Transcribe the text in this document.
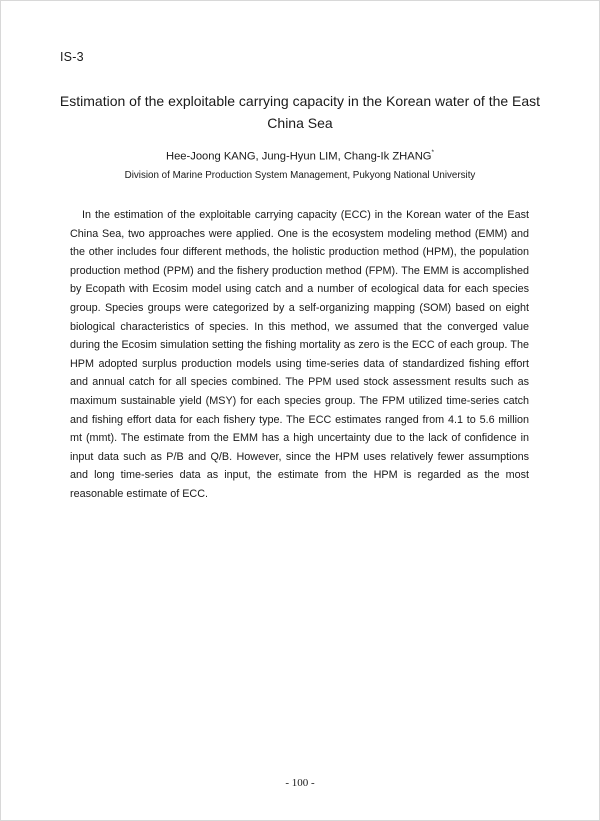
IS-3
Estimation of the exploitable carrying capacity in the Korean water of the East China Sea
Hee-Joong KANG, Jung-Hyun LIM, Chang-Ik ZHANG*
Division of Marine Production System Management, Pukyong National University

In the estimation of the exploitable carrying capacity (ECC) in the Korean water of the East China Sea, two approaches were applied. One is the ecosystem modeling method (EMM) and the other includes four different methods, the holistic production method (HPM), the population production method (PPM) and the fishery production method (FPM). The EMM is accomplished by Ecopath with Ecosim model using catch and a number of ecological data for each species group. Species groups were categorized by a self-organizing mapping (SOM) based on eight biological characteristics of species. In this method, we assumed that the converged value during the Ecosim simulation setting the fishing mortality as zero is the ECC of each group. The HPM adopted surplus production models using time-series data of standardized fishing effort and annual catch for all species combined. The PPM used stock assessment results such as maximum sustainable yield (MSY) for each species group. The FPM utilized time-series catch and fishing effort data for each fishery type. The ECC estimates ranged from 4.1 to 5.6 million mt (mmt). The estimate from the EMM has a high uncertainty due to the lack of confidence in input data such as P/B and Q/B. However, since the HPM uses relatively fewer assumptions and long time-series data as input, the estimate from the HPM is regarded as the most reasonable estimate of ECC.

- 100 -
